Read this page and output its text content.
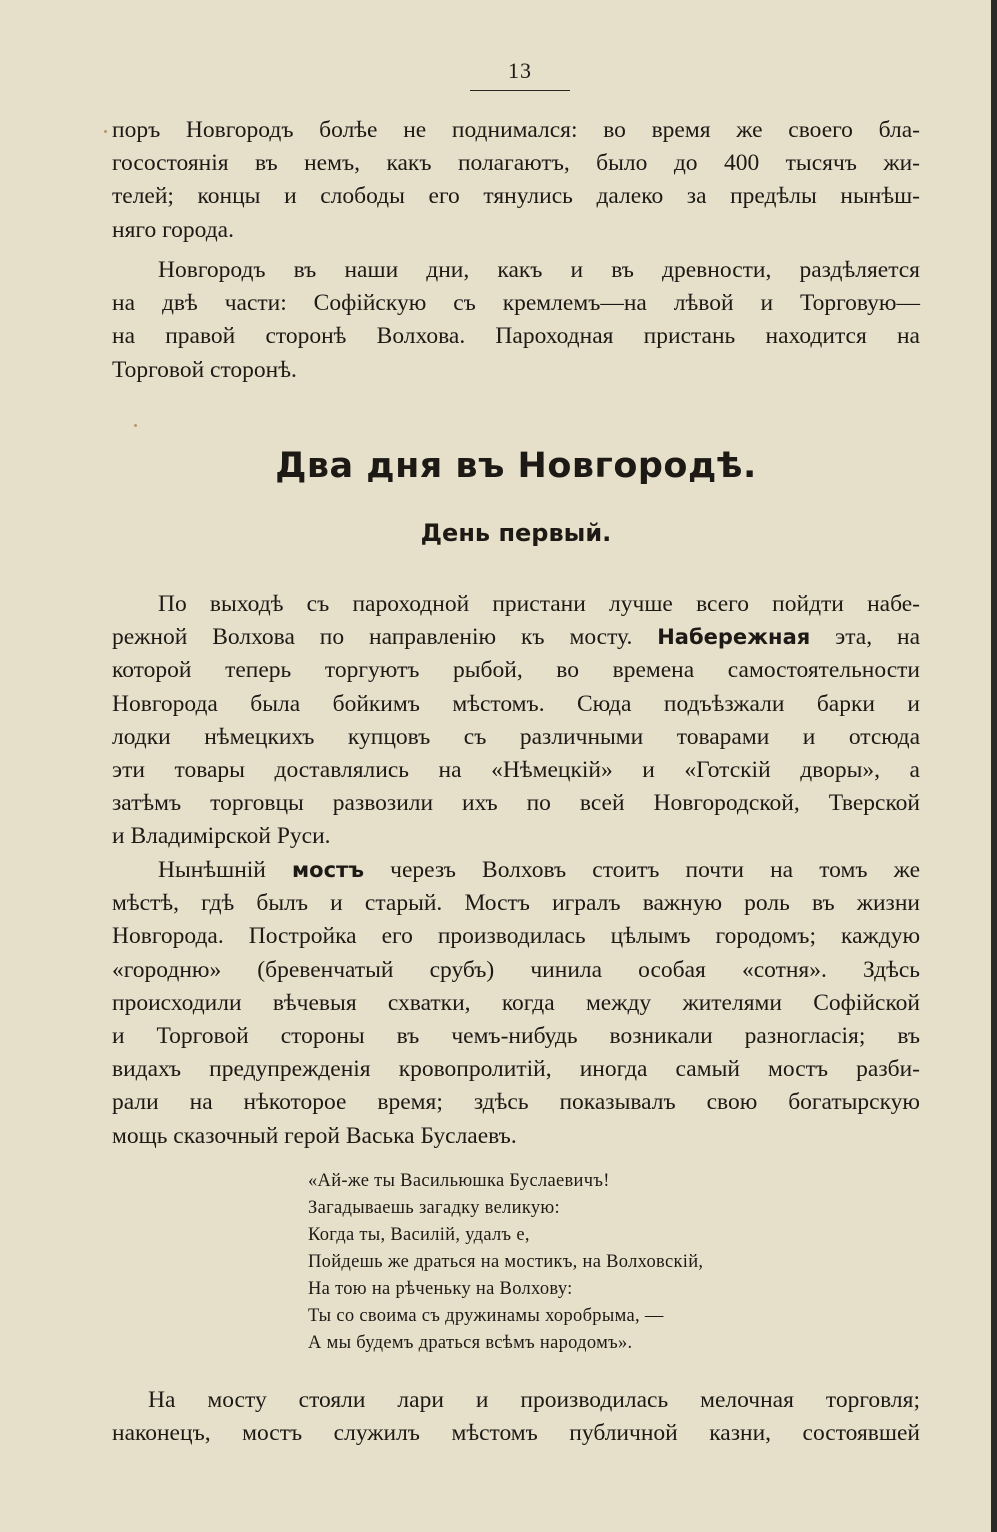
13

поръ Новгородъ болѣе не поднимался: во время же своего бла-

госостоянія въ немъ, какъ полагаютъ, было до 400 тысячъ жи-

телей; концы и слободы его тянулись далеко за предѣлы нынѣш-

няго города.

Новгородъ въ наши дни, какъ и въ древности, раздѣляется

на двѣ части: Софійскую съ кремлемъ—на лѣвой и Торговую—

на правой сторонѣ Волхова. Пароходная пристань находится на

Торговой сторонѣ.

Два дня въ Новгородѣ.
День первый.

По выходѣ съ пароходной пристани лучше всего пойдти набе-

режной Волхова по направленію къ мосту. Набережная эта, на

которой теперь торгуютъ рыбой, во времена самостоятельности

Новгорода была бойкимъ мѣстомъ. Сюда подъѣзжали барки и

лодки нѣмецкихъ купцовъ съ различными товарами и отсюда

эти товары доставлялись на «Нѣмецкій» и «Готскій дворы», а

затѣмъ торговцы развозили ихъ по всей Новгородской, Тверской

и Владимірской Руси.

Нынѣшній мостъ черезъ Волховъ стоитъ почти на томъ же

мѣстѣ, гдѣ былъ и старый. Мостъ игралъ важную роль въ жизни

Новгорода. Постройка его производилась цѣлымъ городомъ; каждую

«городню» (бревенчатый срубъ) чинила особая «сотня». Здѣсь

происходили вѣчевыя схватки, когда между жителями Софійской

и Торговой стороны въ чемъ-нибудь возникали разногласія; въ

видахъ предупрежденія кровопролитій, иногда самый мостъ разби-

рали на нѣкоторое время; здѣсь показывалъ свою богатырскую

мощь сказочный герой Васька Буслаевъ.

«Ай-же ты Васильюшка Буслаевичъ!
Загадываешь загадку великую:
Когда ты, Василій, удалъ е,
Пойдешь же драться на мостикъ, на Волховскій,
На тою на рѣченьку на Волхову:
Ты со своима съ дружинамы хоробрыма, —
А мы будемъ драться всѣмъ народомъ».

На мосту стояли лари и производилась мелочная торговля;

наконецъ, мостъ служилъ мѣстомъ публичной казни, состоявшей
